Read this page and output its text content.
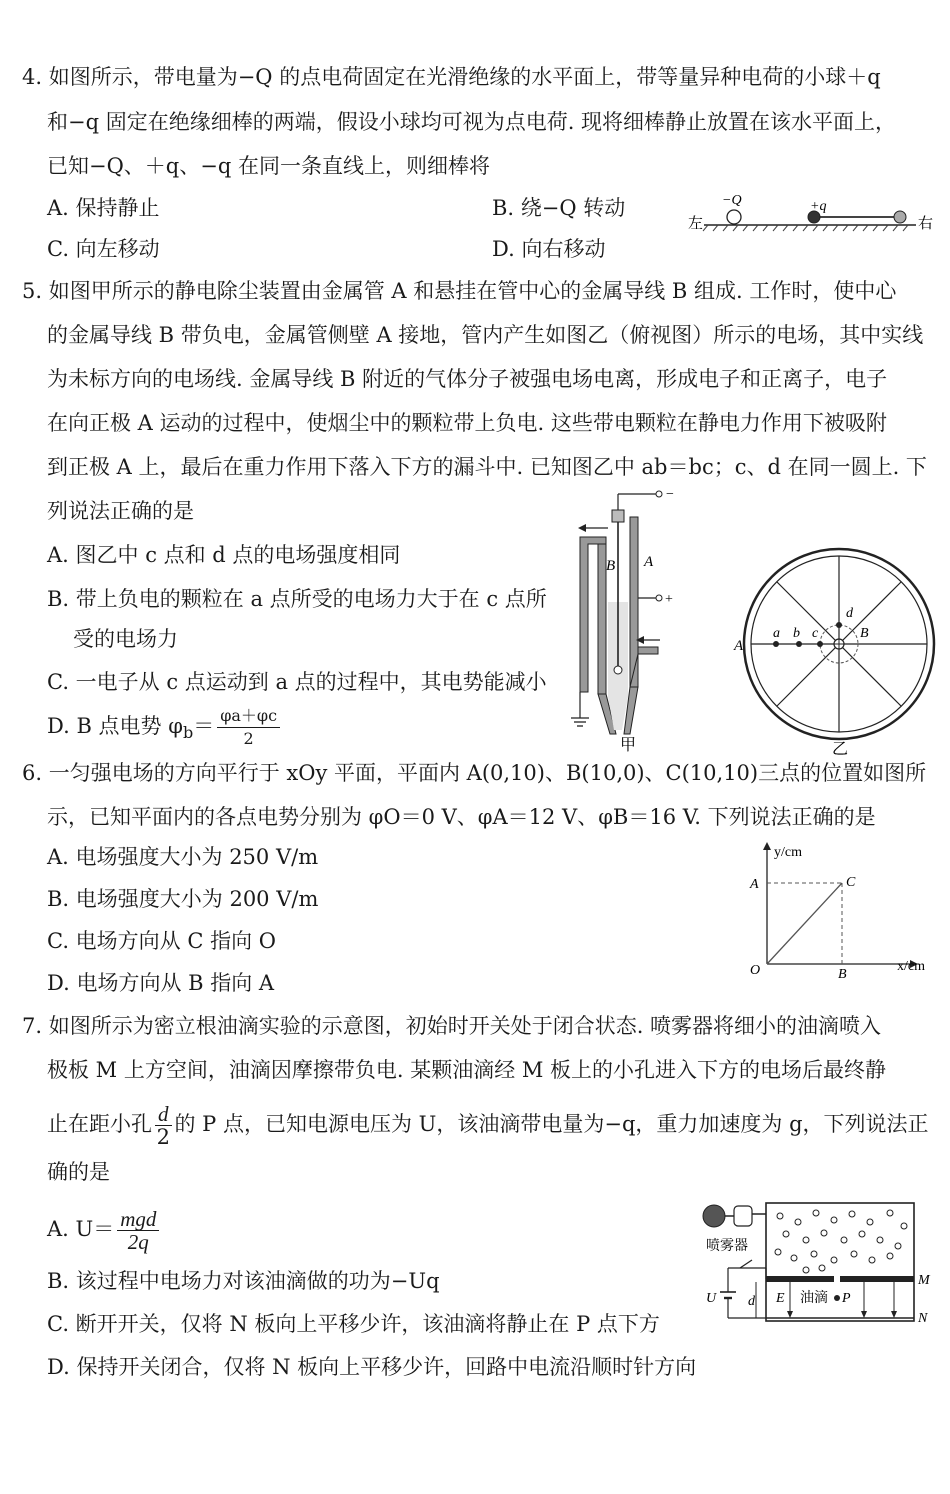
4. 如图所示，带电量为−Q 的点电荷固定在光滑绝缘的水平面上，带等量异种电荷的小球＋q
和−q 固定在绝缘细棒的两端，假设小球均可视为点电荷. 现将细棒静止放置在该水平面上，
已知−Q、＋q、−q 在同一条直线上，则细棒将
A. 保持静止	B. 绕−Q 转动
C. 向左移动	D. 向右移动
左	右
−Q	+q
5. 如图甲所示的静电除尘装置由金属管 A 和悬挂在管中心的金属导线 B 组成. 工作时，使中心
的金属导线 B 带负电，金属管侧壁 A 接地，管内产生如图乙（俯视图）所示的电场，其中实线
为未标方向的电场线. 金属导线 B 附近的气体分子被强电场电离，形成电子和正离子，电子
在向正极 A 运动的过程中，使烟尘中的颗粒带上负电. 这些带电颗粒在静电力作用下被吸附
到正极 A 上，最后在重力作用下落入下方的漏斗中. 已知图乙中 ab＝bc；c、d 在同一圆上. 下
列说法正确的是
A. 图乙中 c 点和 d 点的电场强度相同
B. 带上负电的颗粒在 a 点所受的电场力大于在 c 点所
受的电场力
C. 一电子从 c 点运动到 a 点的过程中，其电势能减小
D. B 点电势 $\varphi_b= \frac{\varphi a+\varphi c}{2}$
−
+
B A
甲
a b c
d
B
A
乙
6. 一匀强电场的方向平行于 xOy 平面，平面内 A(0,10)、B(10,0)、C(10,10)三点的位置如图所
示，已知平面内的各点电势分别为 φO＝0 V、φA＝12 V、φB＝16 V. 下列说法正确的是
A. 电场强度大小为 250 V/m
B. 电场强度大小为 200 V/m
C. 电场方向从 C 指向 O
D. 电场方向从 B 指向 A
y/cm
x/cm
O
A
B
C
7. 如图所示为密立根油滴实验的示意图，初始时开关处于闭合状态. 喷雾器将细小的油滴喷入
极板 M 上方空间，油滴因摩擦带负电. 某颗油滴经 M 板上的小孔进入下方的电场后最终静
止在距小孔 $\frac{d}{2}$ 的 P 点，已知电源电压为 U，该油滴带电量为−q，重力加速度为 g，下列说法正
确的是
A. $U= \frac{\text{mgd}}{2q}$
B. 该过程中电场力对该油滴做的功为−Uq
C. 断开开关，仅将 N 板向上平移少许，该油滴将静止在 P 点下方
D. 保持开关闭合，仅将 N 板向上平移少许，回路中电流沿顺时针方向
喷雾器
U d E 油滴 P
M
N
